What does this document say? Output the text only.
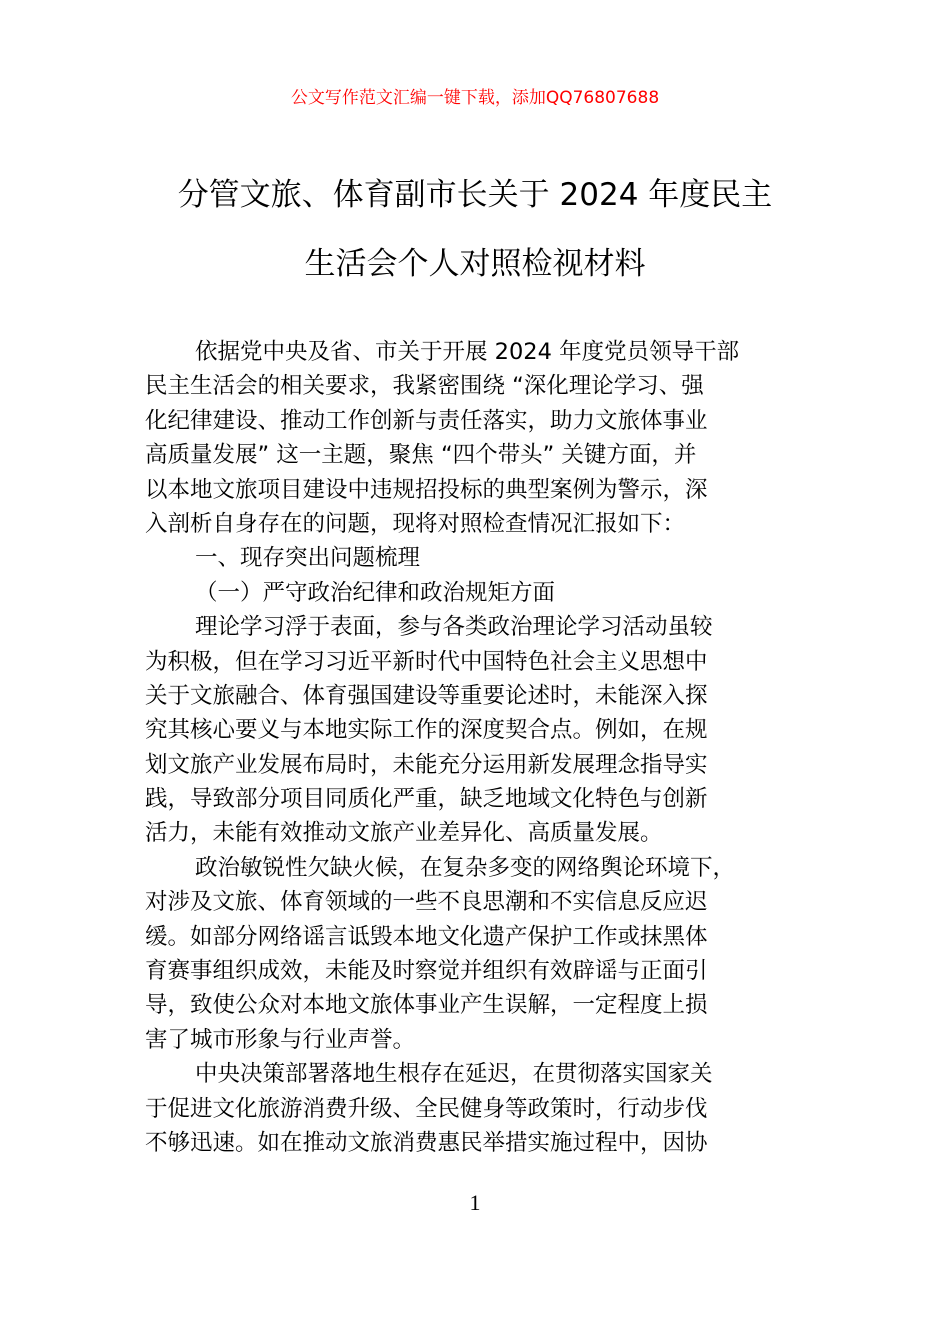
公文写作范文汇编一键下载，添加QQ76807688
分管文旅、体育副市长关于 2024 年度民主
生活会个人对照检视材料
依据党中央及省、市关于开展 2024 年度党员领导干部
民主生活会的相关要求，我紧密围绕 “深化理论学习、强
化纪律建设、推动工作创新与责任落实，助力文旅体事业
高质量发展” 这一主题，聚焦 “四个带头” 关键方面，并
以本地文旅项目建设中违规招投标的典型案例为警示，深
入剖析自身存在的问题，现将对照检查情况汇报如下：
一、现存突出问题梳理
（一）严守政治纪律和政治规矩方面
理论学习浮于表面，参与各类政治理论学习活动虽较
为积极，但在学习习近平新时代中国特色社会主义思想中
关于文旅融合、体育强国建设等重要论述时，未能深入探
究其核心要义与本地实际工作的深度契合点。例如，在规
划文旅产业发展布局时，未能充分运用新发展理念指导实
践，导致部分项目同质化严重，缺乏地域文化特色与创新
活力，未能有效推动文旅产业差异化、高质量发展。
政治敏锐性欠缺火候，在复杂多变的网络舆论环境下，
对涉及文旅、体育领域的一些不良思潮和不实信息反应迟
缓。如部分网络谣言诋毁本地文化遗产保护工作或抹黑体
育赛事组织成效，未能及时察觉并组织有效辟谣与正面引
导，致使公众对本地文旅体事业产生误解，一定程度上损
害了城市形象与行业声誉。
中央决策部署落地生根存在延迟，在贯彻落实国家关
于促进文化旅游消费升级、全民健身等政策时，行动步伐
不够迅速。如在推动文旅消费惠民举措实施过程中，因协
1
